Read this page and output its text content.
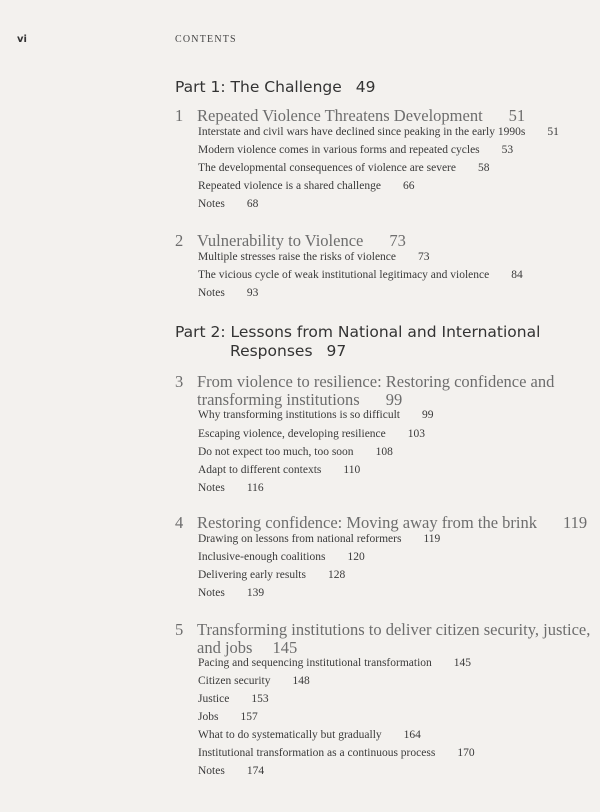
vi	CONTENTS
Part 1: The Challenge 49
1 Repeated Violence Threatens Development 51
Interstate and civil wars have declined since peaking in the early 1990s 51
Modern violence comes in various forms and repeated cycles 53
The developmental consequences of violence are severe 58
Repeated violence is a shared challenge 66
Notes 68
2 Vulnerability to Violence 73
Multiple stresses raise the risks of violence 73
The vicious cycle of weak institutional legitimacy and violence 84
Notes 93
Part 2: Lessons from National and International
Responses 97
3 From violence to resilience: Restoring confidence and
transforming institutions 99
Why transforming institutions is so difficult 99
Escaping violence, developing resilience 103
Do not expect too much, too soon 108
Adapt to different contexts 110
Notes 116
4 Restoring confidence: Moving away from the brink 119
Drawing on lessons from national reformers 119
Inclusive-enough coalitions 120
Delivering early results 128
Notes 139
5 Transforming institutions to deliver citizen security, justice,
and jobs 145
Pacing and sequencing institutional transformation 145
Citizen security 148
Justice 153
Jobs 157
What to do systematically but gradually 164
Institutional transformation as a continuous process 170
Notes 174
